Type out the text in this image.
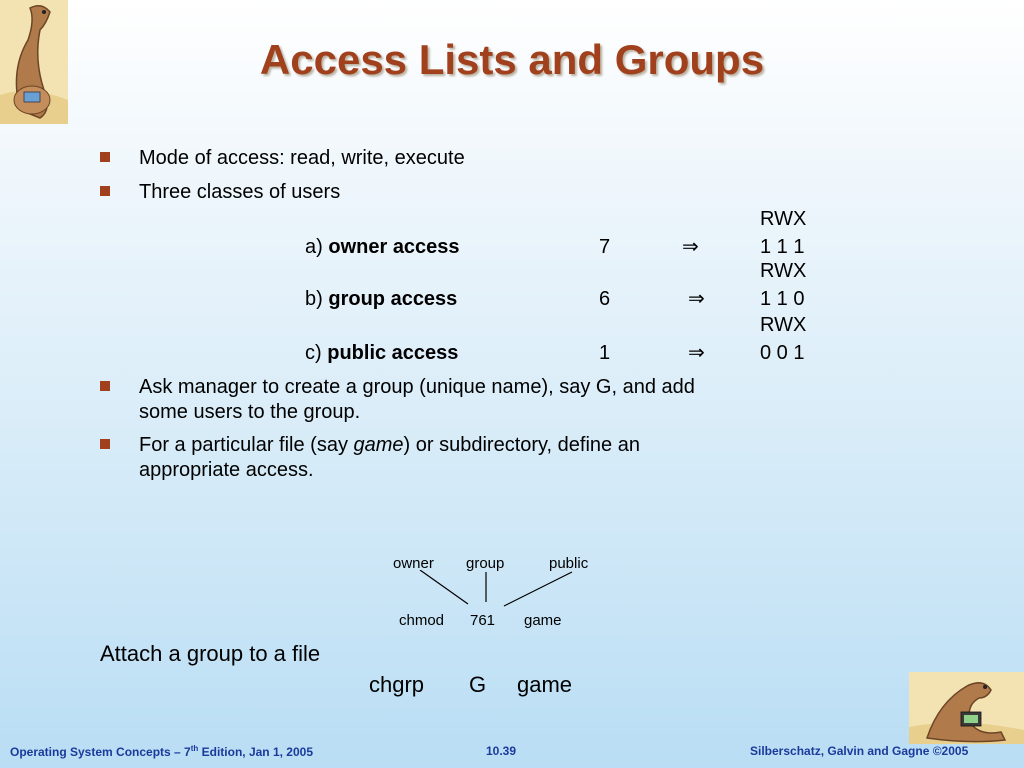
Access Lists and Groups
Mode of access: read, write, execute
Three classes of users
RWX
a) owner access	7	⇒	1 1 1
RWX
b) group access	6	⇒	1 1 0
RWX
c) public access	1	⇒	0 0 1
Ask manager to create a group (unique name), say G, and add
some users to the group.
For a particular file (say game) or subdirectory, define an
appropriate access.
owner group	public
chmod 761 game
Attach a group to a file
chgrp G game
Operating System Concepts – 7th Edition, Jan 1, 2005	10.39	Silberschatz, Galvin and Gagne ©2005
